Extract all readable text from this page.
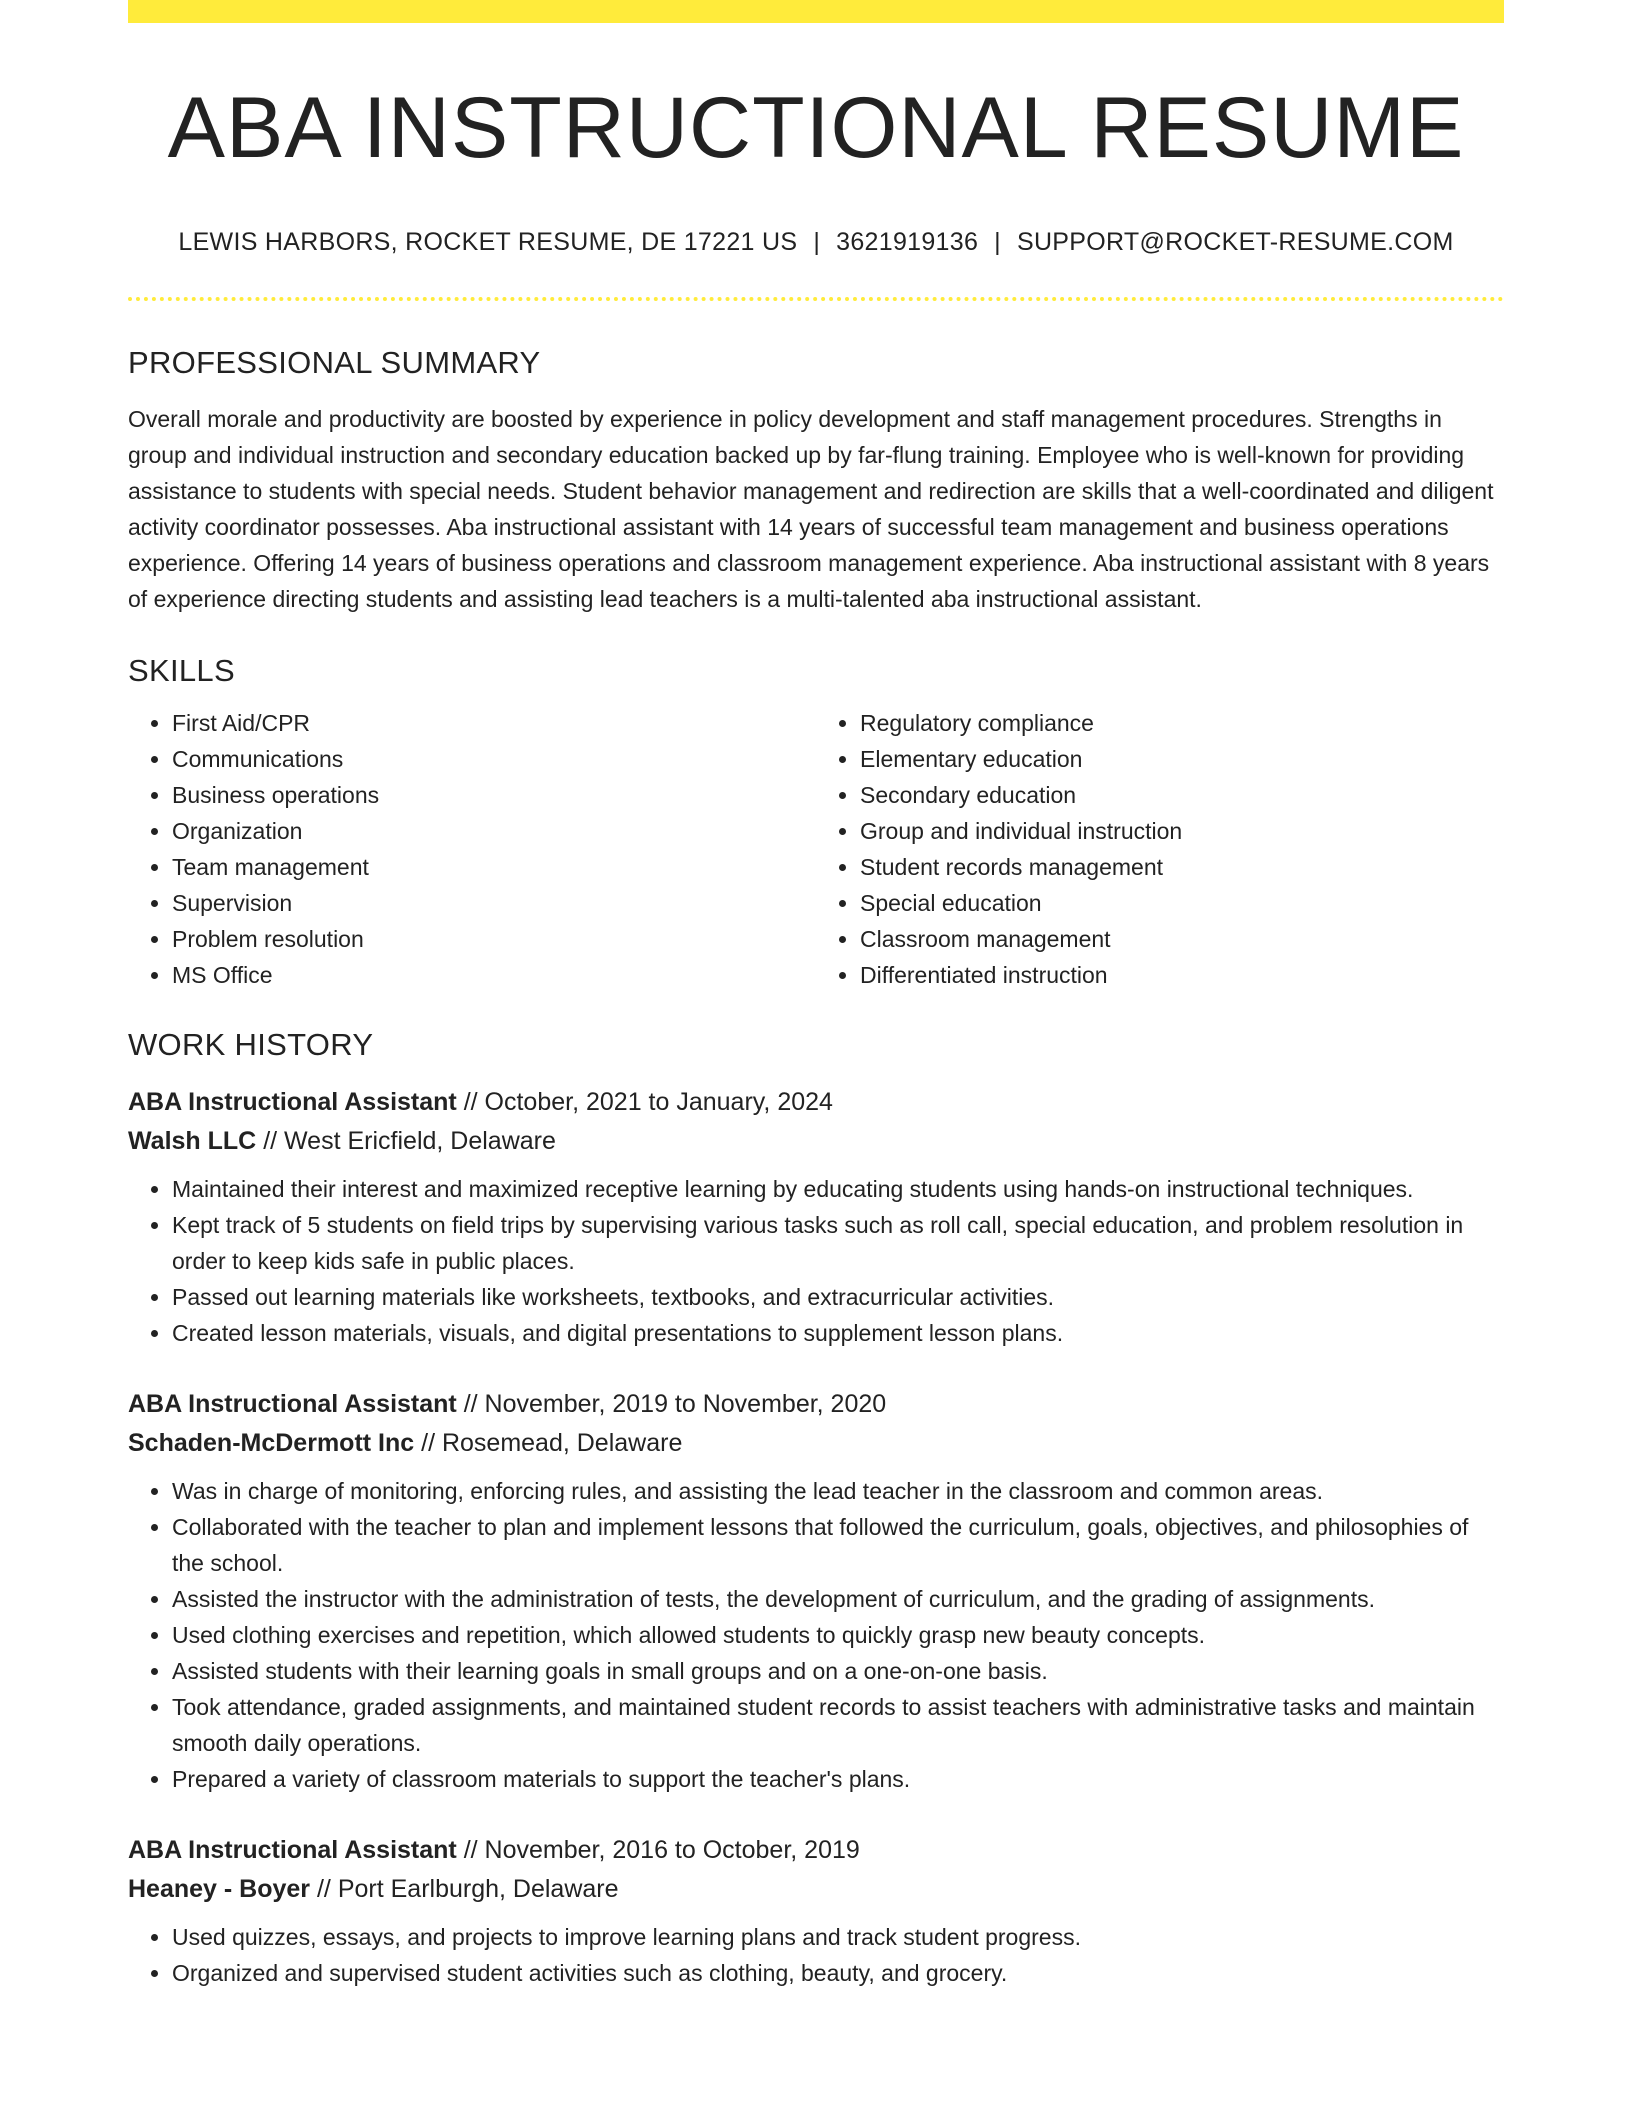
ABA INSTRUCTIONAL RESUME
LEWIS HARBORS, ROCKET RESUME, DE 17221 US | 3621919136 | SUPPORT@ROCKET-RESUME.COM
PROFESSIONAL SUMMARY

Overall morale and productivity are boosted by experience in policy development and staff management procedures. Strengths in group and individual instruction and secondary education backed up by far-flung training. Employee who is well-known for providing assistance to students with special needs. Student behavior management and redirection are skills that a well-coordinated and diligent activity coordinator possesses. Aba instructional assistant with 14 years of successful team management and business operations experience. Offering 14 years of business operations and classroom management experience. Aba instructional assistant with 8 years of experience directing students and assisting lead teachers is a multi-talented aba instructional assistant.

SKILLS
• First Aid/CPR
• Communications
• Business operations
• Organization
• Team management
• Supervision
• Problem resolution
• MS Office
• Regulatory compliance
• Elementary education
• Secondary education
• Group and individual instruction
• Student records management
• Special education
• Classroom management
• Differentiated instruction
WORK HISTORY
ABA Instructional Assistant // October, 2021 to January, 2024
Walsh LLC // West Ericfield, Delaware
• Maintained their interest and maximized receptive learning by educating students using hands-on instructional techniques.
• Kept track of 5 students on field trips by supervising various tasks such as roll call, special education, and problem resolution in order to keep kids safe in public places.
• Passed out learning materials like worksheets, textbooks, and extracurricular activities.
• Created lesson materials, visuals, and digital presentations to supplement lesson plans.
ABA Instructional Assistant // November, 2019 to November, 2020
Schaden-McDermott Inc // Rosemead, Delaware
• Was in charge of monitoring, enforcing rules, and assisting the lead teacher in the classroom and common areas.
• Collaborated with the teacher to plan and implement lessons that followed the curriculum, goals, objectives, and philosophies of the school.
• Assisted the instructor with the administration of tests, the development of curriculum, and the grading of assignments.
• Used clothing exercises and repetition, which allowed students to quickly grasp new beauty concepts.
• Assisted students with their learning goals in small groups and on a one-on-one basis.
• Took attendance, graded assignments, and maintained student records to assist teachers with administrative tasks and maintain smooth daily operations.
• Prepared a variety of classroom materials to support the teacher's plans.
ABA Instructional Assistant // November, 2016 to October, 2019
Heaney - Boyer // Port Earlburgh, Delaware
• Used quizzes, essays, and projects to improve learning plans and track student progress.
• Organized and supervised student activities such as clothing, beauty, and grocery.
